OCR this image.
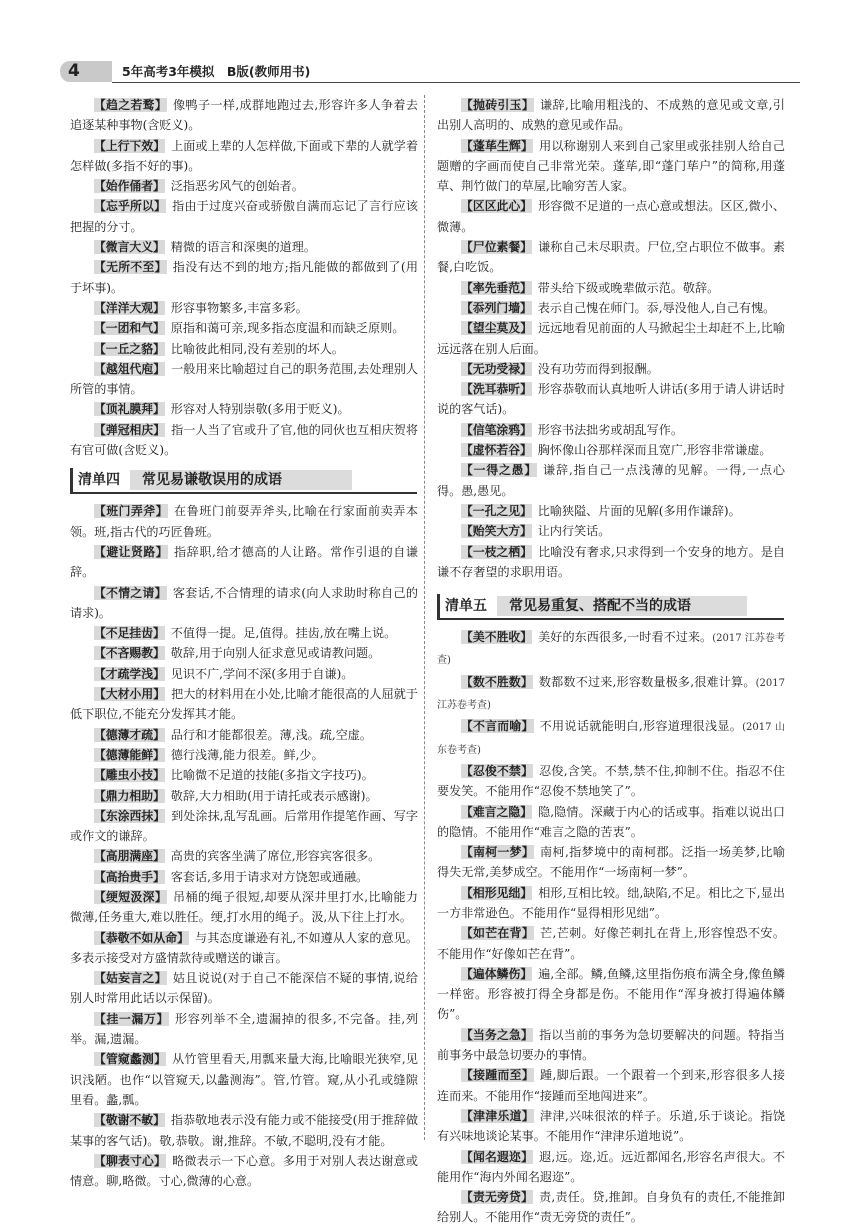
4	5年高考3年模拟　B版(教师用书)

【趋之若鹜】 像鸭子一样,成群地跑过去,形容许多人争着去追逐某种事物(含贬义)。

【上行下效】 上面或上辈的人怎样做,下面或下辈的人就学着怎样做(多指不好的事)。

【始作俑者】 泛指恶劣风气的创始者。

【忘乎所以】 指由于过度兴奋或骄傲自满而忘记了言行应该把握的分寸。

【微言大义】 精微的语言和深奥的道理。

【无所不至】 指没有达不到的地方;指凡能做的都做到了(用于坏事)。

【洋洋大观】 形容事物繁多,丰富多彩。

【一团和气】 原指和蔼可亲,现多指态度温和而缺乏原则。

【一丘之貉】 比喻彼此相同,没有差别的坏人。

【越俎代庖】 一般用来比喻超过自己的职务范围,去处理别人所管的事情。

【顶礼膜拜】 形容对人特别崇敬(多用于贬义)。

【弹冠相庆】 指一人当了官或升了官,他的同伙也互相庆贺将有官可做(含贬义)。

清单四 常见易谦敬误用的成语

【班门弄斧】 在鲁班门前耍弄斧头,比喻在行家面前卖弄本领。班,指古代的巧匠鲁班。

【避让贤路】 指辞职,给才德高的人让路。常作引退的自谦辞。

【不情之请】 客套话,不合情理的请求(向人求助时称自己的请求)。

【不足挂齿】 不值得一提。足,值得。挂齿,放在嘴上说。

【不吝赐教】 敬辞,用于向别人征求意见或请教问题。

【才疏学浅】 见识不广,学问不深(多用于自谦)。

【大材小用】 把大的材料用在小处,比喻才能很高的人屈就于低下职位,不能充分发挥其才能。

【德薄才疏】 品行和才能都很差。薄,浅。疏,空虚。

【德薄能鲜】 德行浅薄,能力很差。鲜,少。

【雕虫小技】 比喻微不足道的技能(多指文字技巧)。

【鼎力相助】 敬辞,大力相助(用于请托或表示感谢)。

【东涂西抹】 到处涂抹,乱写乱画。后常用作提笔作画、写字或作文的谦辞。

【高朋满座】 高贵的宾客坐满了席位,形容宾客很多。

【高抬贵手】 客套话,多用于请求对方饶恕或通融。

【绠短汲深】 吊桶的绳子很短,却要从深井里打水,比喻能力微薄,任务重大,难以胜任。绠,打水用的绳子。汲,从下往上打水。

【恭敬不如从命】 与其态度谦逊有礼,不如遵从人家的意见。多表示接受对方盛情款待或赠送的谦言。

【姑妄言之】 姑且说说(对于自己不能深信不疑的事情,说给别人时常用此话以示保留)。

【挂一漏万】 形容列举不全,遗漏掉的很多,不完备。挂,列举。漏,遗漏。

【管窥蠡测】 从竹管里看天,用瓢来量大海,比喻眼光狭窄,见识浅陋。也作“以管窥天,以蠡测海”。管,竹管。窥,从小孔或缝隙里看。蠡,瓢。

【敬谢不敏】 指恭敬地表示没有能力或不能接受(用于推辞做某事的客气话)。敬,恭敬。谢,推辞。不敏,不聪明,没有才能。

【聊表寸心】 略微表示一下心意。多用于对别人表达谢意或情意。聊,略微。寸心,微薄的心意。

【抛砖引玉】 谦辞,比喻用粗浅的、不成熟的意见或文章,引出别人高明的、成熟的意见或作品。

【蓬荜生辉】 用以称谢别人来到自己家里或张挂别人给自己题赠的字画而使自己非常光荣。蓬荜,即“蓬门荜户”的简称,用蓬草、荆竹做门的草屋,比喻穷苦人家。

【区区此心】 形容微不足道的一点心意或想法。区区,微小、微薄。

【尸位素餐】 谦称自己未尽职责。尸位,空占职位不做事。素餐,白吃饭。

【率先垂范】 带头给下级或晚辈做示范。敬辞。

【忝列门墙】 表示自己愧在师门。忝,辱没他人,自己有愧。

【望尘莫及】 远远地看见前面的人马掀起尘土却赶不上,比喻远远落在别人后面。

【无功受禄】 没有功劳而得到报酬。

【洗耳恭听】 形容恭敬而认真地听人讲话(多用于请人讲话时说的客气话)。

【信笔涂鸦】 形容书法拙劣或胡乱写作。

【虚怀若谷】 胸怀像山谷那样深而且宽广,形容非常谦虚。

【一得之愚】 谦辞,指自己一点浅薄的见解。一得,一点心得。愚,愚见。

【一孔之见】 比喻狭隘、片面的见解(多用作谦辞)。

【贻笑大方】 让内行笑话。

【一枝之栖】 比喻没有奢求,只求得到一个安身的地方。是自谦不存奢望的求职用语。

清单五 常见易重复、搭配不当的成语

【美不胜收】 美好的东西很多,一时看不过来。(2017 江苏卷考查)

【数不胜数】 数都数不过来,形容数量极多,很难计算。(2017 江苏卷考查)

【不言而喻】 不用说话就能明白,形容道理很浅显。(2017 山东卷考查)

【忍俊不禁】 忍俊,含笑。不禁,禁不住,抑制不住。指忍不住要发笑。不能用作“忍俊不禁地笑了”。

【难言之隐】 隐,隐情。深藏于内心的话或事。指难以说出口的隐情。不能用作“难言之隐的苦衷”。

【南柯一梦】 南柯,指梦境中的南柯郡。泛指一场美梦,比喻得失无常,美梦成空。不能用作“一场南柯一梦”。

【相形见绌】 相形,互相比较。绌,缺陷,不足。相比之下,显出一方非常逊色。不能用作“显得相形见绌”。

【如芒在背】 芒,芒刺。好像芒刺扎在背上,形容惶恐不安。不能用作“好像如芒在背”。

【遍体鳞伤】 遍,全部。鳞,鱼鳞,这里指伤痕布满全身,像鱼鳞一样密。形容被打得全身都是伤。不能用作“浑身被打得遍体鳞伤”。

【当务之急】 指以当前的事务为急切要解决的问题。特指当前事务中最急切要办的事情。

【接踵而至】 踵,脚后跟。一个跟着一个到来,形容很多人接连而来。不能用作“接踵而至地闯进来”。

【津津乐道】 津津,兴味很浓的样子。乐道,乐于谈论。指饶有兴味地谈论某事。不能用作“津津乐道地说”。

【闻名遐迩】 遐,远。迩,近。远近都闻名,形容名声很大。不能用作“海内外闻名遐迩”。

【责无旁贷】 责,责任。贷,推卸。自身负有的责任,不能推卸给别人。不能用作“责无旁贷的责任”。
